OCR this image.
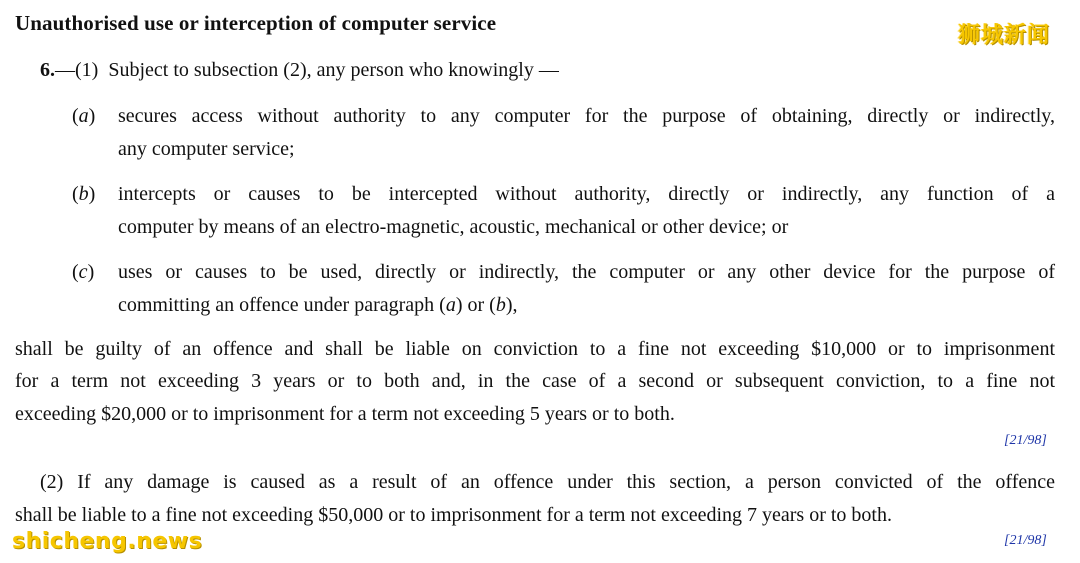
Unauthorised use or interception of computer service	狮城新闻
6.—(1) Subject to subsection (2), any person who knowingly —
(a) secures access without authority to any computer for the purpose of obtaining, directly or indirectly,
any computer service;
(b) intercepts or causes to be intercepted without authority, directly or indirectly, any function of a
computer by means of an electro-magnetic, acoustic, mechanical or other device; or
(c) uses or causes to be used, directly or indirectly, the computer or any other device for the purpose of
committing an offence under paragraph (a) or (b),
shall be guilty of an offence and shall be liable on conviction to a fine not exceeding $10,000 or to imprisonment
for a term not exceeding 3 years or to both and, in the case of a second or subsequent conviction, to a fine not
exceeding $20,000 or to imprisonment for a term not exceeding 5 years or to both.
[21/98]
(2) If any damage is caused as a result of an offence under this section, a person convicted of the offence
shall be liable to a fine not exceeding $50,000 or to imprisonment for a term not exceeding 7 years or to both.
[21/98]
shicheng.news
